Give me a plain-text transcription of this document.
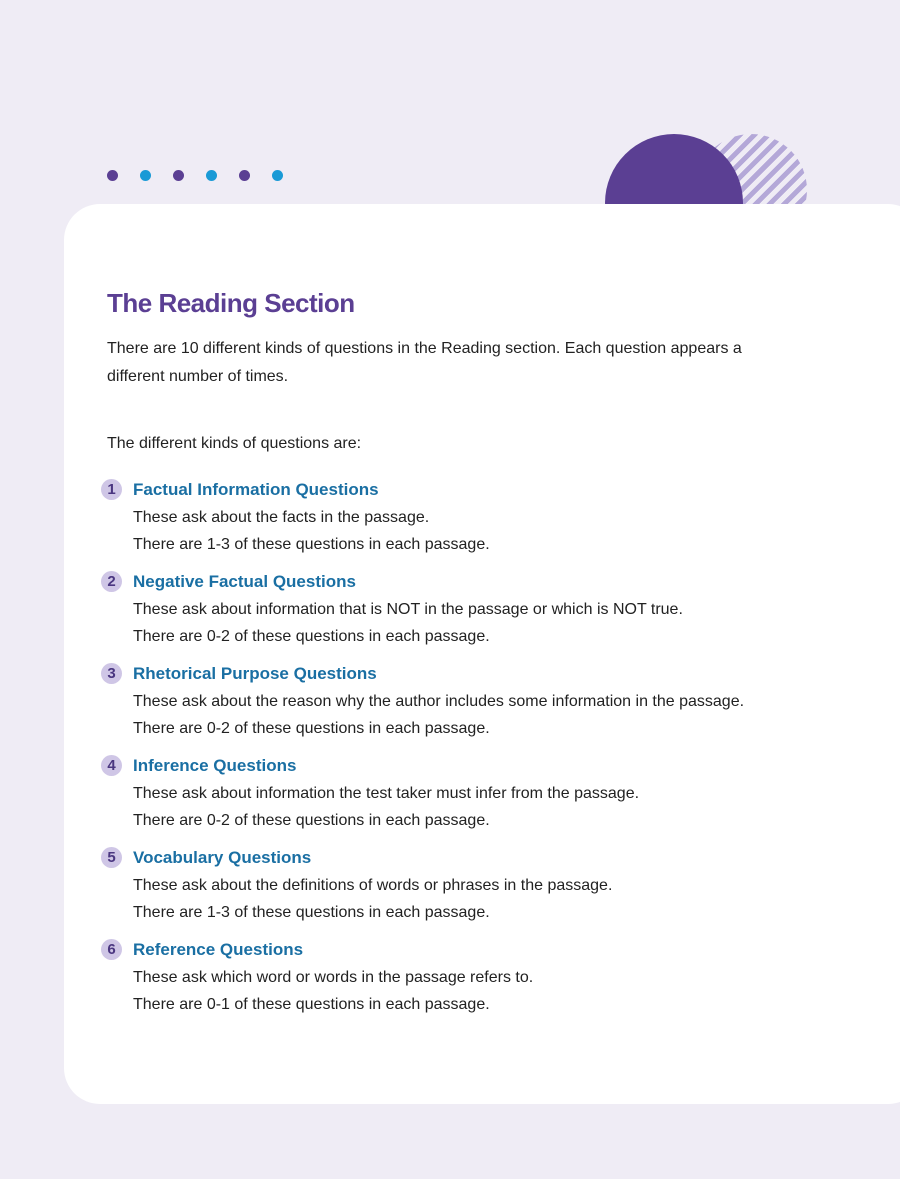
The Reading Section

There are 10 different kinds of questions in the Reading section. Each question appears a different number of times.

The different kinds of questions are:

1	Factual Information Questions

These ask about the facts in the passage.

There are 1-3 of these questions in each passage.

2	Negative Factual Questions

These ask about information that is NOT in the passage or which is NOT true.

There are 0-2 of these questions in each passage.

3	Rhetorical Purpose Questions

These ask about the reason why the author includes some information in the passage.

There are 0-2 of these questions in each passage.

4	Inference Questions

These ask about information the test taker must infer from the passage.

There are 0-2 of these questions in each passage.

5	Vocabulary Questions

These ask about the definitions of words or phrases in the passage.

There are 1-3 of these questions in each passage.

6	Reference Questions

These ask which word or words in the passage refers to.

There are 0-1 of these questions in each passage.
